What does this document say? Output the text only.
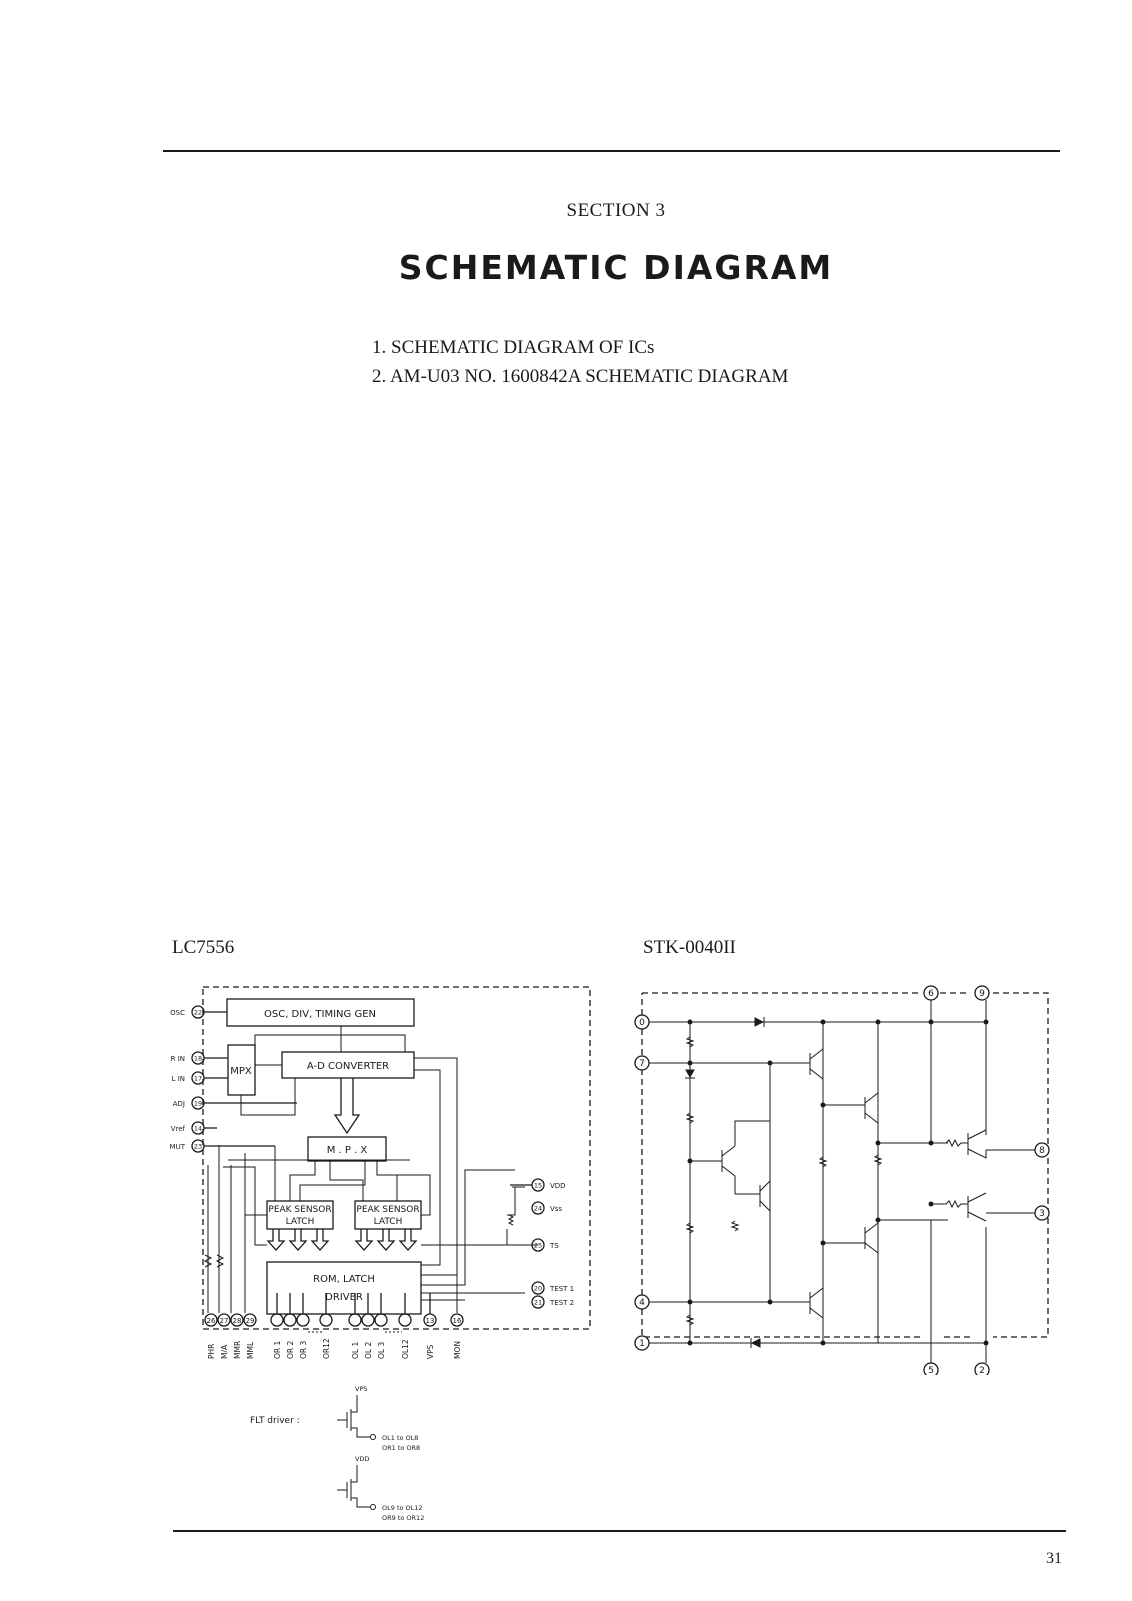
SECTION 3
SCHEMATIC DIAGRAM
1. SCHEMATIC DIAGRAM OF ICs
2. AM-U03 NO. 1600842A SCHEMATIC DIAGRAM
LC7556	STK-0040II
OSC, DIV, TIMING GEN
MPX	A-D CONVERTER
M . P . X
PEAK SENSOR
LATCH
PEAK SENSOR
LATCH
ROM, LATCH
DRIVER
26 27 28 29	13	16
PHR M/A MMR MML OR 1 OR 2 OR 3 OR12	OL 1 OL 2 OL 3 OL12 VPS MON
OSC
R IN
L IN
ADJ
Vref
MUT
22
18
17
19
14
23
15
24
25
20
21
VDD
Vss
TS
TEST 1
TEST 2
FLT driver :
VPS
VDD
OL1 to OL8
OR1 to OR8
OL9 to OL12
OR9 to OR12
0
7
4
1
6	9
8
3
5	2
31
